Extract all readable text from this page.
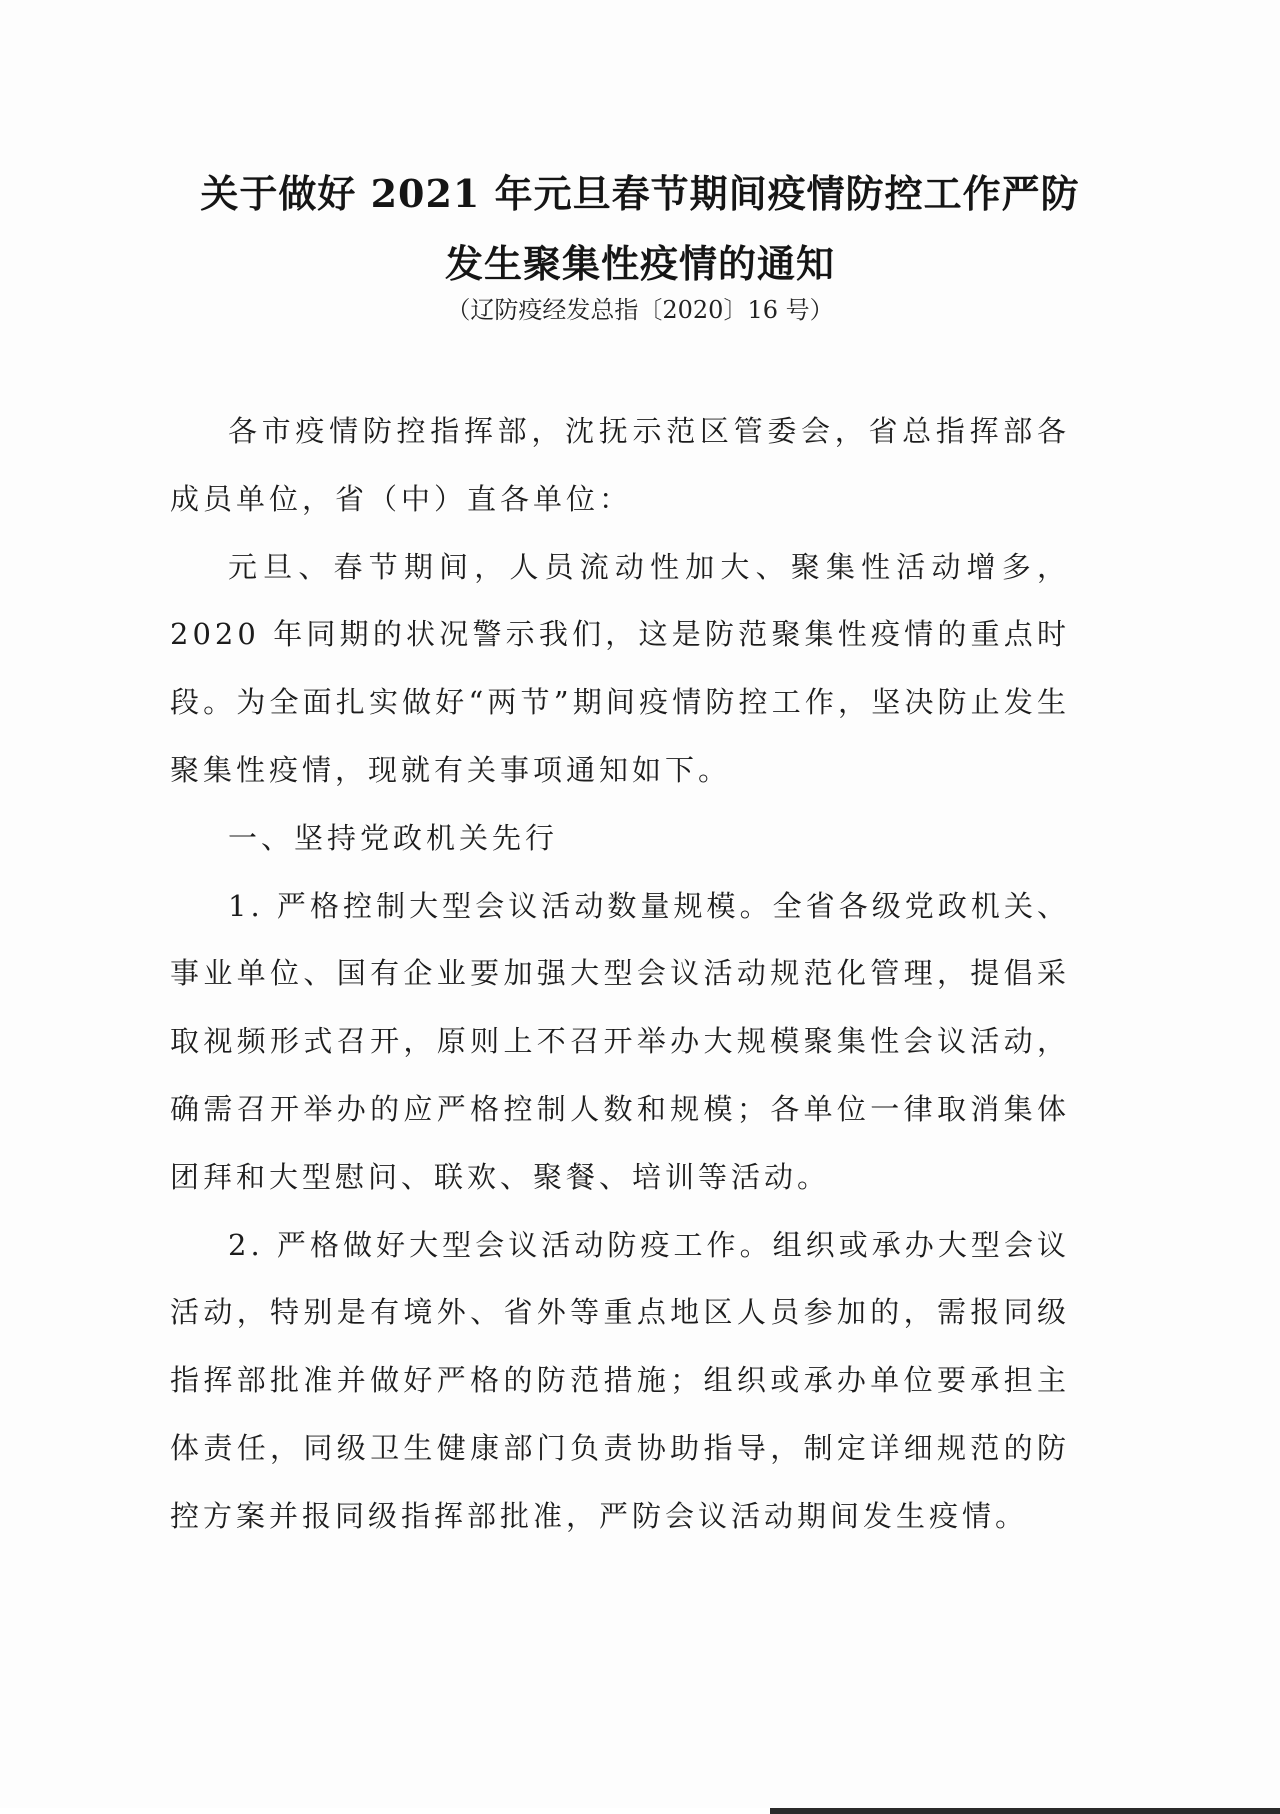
关于做好 2021 年元旦春节期间疫情防控工作严防
发生聚集性疫情的通知
（辽防疫经发总指〔2020〕16 号）

各市疫情防控指挥部，沈抚示范区管委会，省总指挥部各成员单位，省（中）直各单位：

元旦、春节期间，人员流动性加大、聚集性活动增多，2020 年同期的状况警示我们，这是防范聚集性疫情的重点时段。为全面扎实做好“两节”期间疫情防控工作，坚决防止发生聚集性疫情，现就有关事项通知如下。

一、坚持党政机关先行

1. 严格控制大型会议活动数量规模。全省各级党政机关、事业单位、国有企业要加强大型会议活动规范化管理，提倡采取视频形式召开，原则上不召开举办大规模聚集性会议活动，确需召开举办的应严格控制人数和规模；各单位一律取消集体团拜和大型慰问、联欢、聚餐、培训等活动。

2. 严格做好大型会议活动防疫工作。组织或承办大型会议活动，特别是有境外、省外等重点地区人员参加的，需报同级指挥部批准并做好严格的防范措施；组织或承办单位要承担主体责任，同级卫生健康部门负责协助指导，制定详细规范的防控方案并报同级指挥部批准，严防会议活动期间发生疫情。
